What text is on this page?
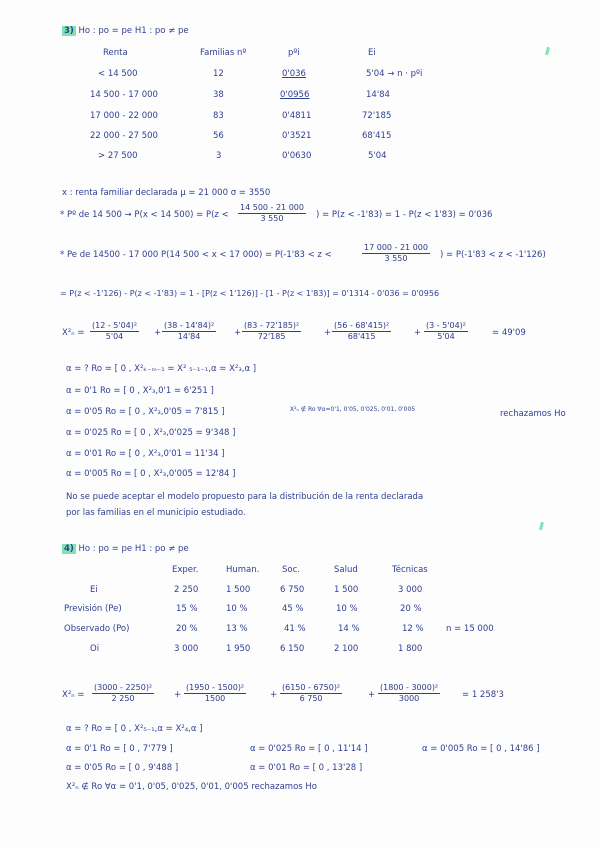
3) Ho : po = pe H1 : po ≠ pe
Renta	Familias nº	pºi	Ei
< 14 500	12	0'036	5'04 → n · pºi
14 500 - 17 000	38	0'0956	14'84
17 000 - 22 000	83	0'4811	72'185
22 000 - 27 500	56	0'3521	68'415
> 27 500	3	0'0630	5'04
x : renta familiar declarada μ = 21 000 σ = 3550
* Pº de 14 500 → P(x < 14 $500) = P(z < \frac{14 500 - 21 000}{3 550}$ ) = P(z < -1'83) = 1 - P(z < 1'83) = 0'036
* Pe de 14500 - 17 000 P(14 500 < x < 17 000) = P(-1'83 < z <	$\frac{17 000 - 21 000}{3 550}$ ) = P(-1'83 < z < -1'126)
= P(z < -1'126) - P(z < -1'83) = 1 - [P(z < 1'126)] - [1 - P(z < 1'83)] = 0'1314 - 0'036 = 0'0956
$X^2_n = \frac{\text{(12 - 5'04)²}}{5'04} + \frac{\text{(38 - 14'84)²}}{14'84} + \frac{\text{(83 - 72'185)²}}{72'185}$	+ $\frac{\text{(56 - 68'415)²}}{68'415}$	+ $\frac{\text{(3 - 5'04)²}}{5'04}$	= 49'09
α = ? Ro = [ 0 , X²ₖ₋ₘ₋₁ = X² ₅₋₁₋₁,α = X²₃,α ]
α = 0'1 Ro = [ 0 , X²₃,0'1 = 6'251 ]
α = 0'05 Ro = [ 0 , X²₃,0'05 = 7'815 ]
α = 0'025 Ro = [ 0 , X²₃,0'025 = 9'348 ]
α = 0'01 Ro = [ 0 , X²₃,0'01 = 11'34 ]
α = 0'005 Ro = [ 0 , X²₃,0'005 = 12'84 ]
X²ₙ ∉ Ro ∀α=0'1, 0'05, 0'025, 0'01, 0'005	rechazamos Ho
No se puede aceptar el modelo propuesto para la distribución de la renta declarada
por las familias en el municipio estudiado.
4) Ho : po = pe H1 : po ≠ pe
Exper.	Human.	Soc.	Salud	Técnicas
Ei	2 250	1 500	6 750	1 500	3 000
Previsión (Pe)	15 %	10 %	45 %	10 %	20 %
Observado (Po)	20 %	13 %	41 %	14 %	12 %	n = 15 000
Oi	3 000	1 950	6 150	2 100	1 800
$X^2_n = \frac{\text{(3000 - 2250)²}}{2 250} + \frac{\text{(1950 - 1500)²}}{1500}$	+ $\frac{\text{(6150 - 6750)²}}{6 750}$	+ $\frac{\text{(1800 - 3000)²}}{3000}$	= 1 258'3
α = ? Ro = [ 0 , X²₅₋₁,α = X²₄,α ]
α = 0'1 Ro = [ 0 , 7'779 ]	α = 0'025 Ro = [ 0 , 11'14 ]	α = 0'005 Ro = [ 0 , 14'86 ]
α = 0'05 Ro = [ 0 , 9'488 ]	α = 0'01 Ro = [ 0 , 13'28 ]
X²ₙ ∉ Ro ∀α = 0'1, 0'05, 0'025, 0'01, 0'005 rechazamos Ho
